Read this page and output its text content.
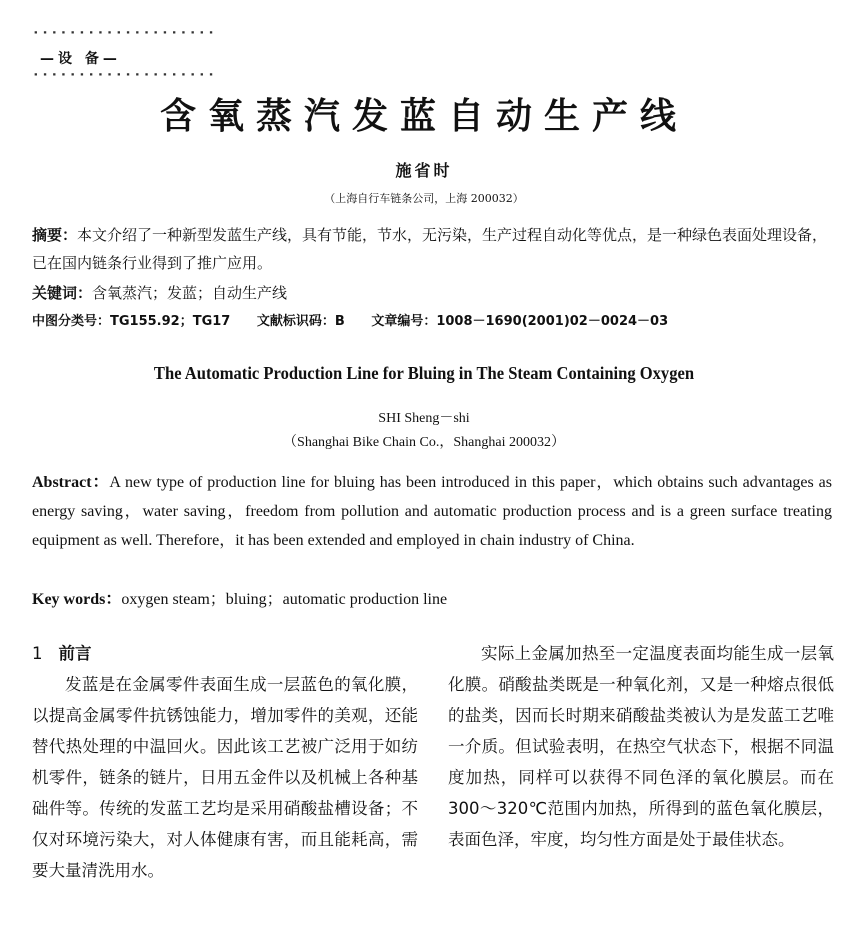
▪ ▪ ▪ ▪ ▪ ▪ ▪ ▪ ▪ ▪ ▪ ▪ ▪ ▪ ▪ ▪ ▪ ▪ ▪ ▪
—设 备—
▪ ▪ ▪ ▪ ▪ ▪ ▪ ▪ ▪ ▪ ▪ ▪ ▪ ▪ ▪ ▪ ▪ ▪ ▪ ▪
含氧蒸汽发蓝自动生产线
施省时
（上海自行车链条公司，上海 200032）
摘要：本文介绍了一种新型发蓝生产线，具有节能，节水，无污染，生产过程自动化等优点，是一种绿色表面处理设备，已在国内链条行业得到了推广应用。
关键词：含氧蒸汽；发蓝；自动生产线
中图分类号：TG155.92；TG17 文献标识码：B 文章编号：1008－1690(2001)02－0024－03
The Automatic Production Line for Bluing in The Steam Containing Oxygen
SHI Sheng－shi
（Shanghai Bike Chain Co.，Shanghai 200032）
Abstract：A new type of production line for bluing has been introduced in this paper，which obtains such advantages as energy saving，water saving，freedom from pollution and automatic production process and is a green surface treating equipment as well. Therefore，it has been extended and employed in chain industry of China.
Key words：oxygen steam；bluing；automatic production line
1 前言
发蓝是在金属零件表面生成一层蓝色的氧化膜，以提高金属零件抗锈蚀能力，增加零件的美观，还能替代热处理的中温回火。因此该工艺被广泛用于如纺机零件，链条的链片，日用五金件以及机械上各种基础件等。传统的发蓝工艺均是采用硝酸盐槽设备；不仅对环境污染大，对人体健康有害，而且能耗高，需要大量清洗用水。
实际上金属加热至一定温度表面均能生成一层氧化膜。硝酸盐类既是一种氧化剂，又是一种熔点很低的盐类，因而长时期来硝酸盐类被认为是发蓝工艺唯一介质。但试验表明，在热空气状态下，根据不同温度加热，同样可以获得不同色泽的氧化膜层。而在300～320℃范围内加热，所得到的蓝色氧化膜层，表面色泽，牢度，均匀性方面是处于最佳状态。
